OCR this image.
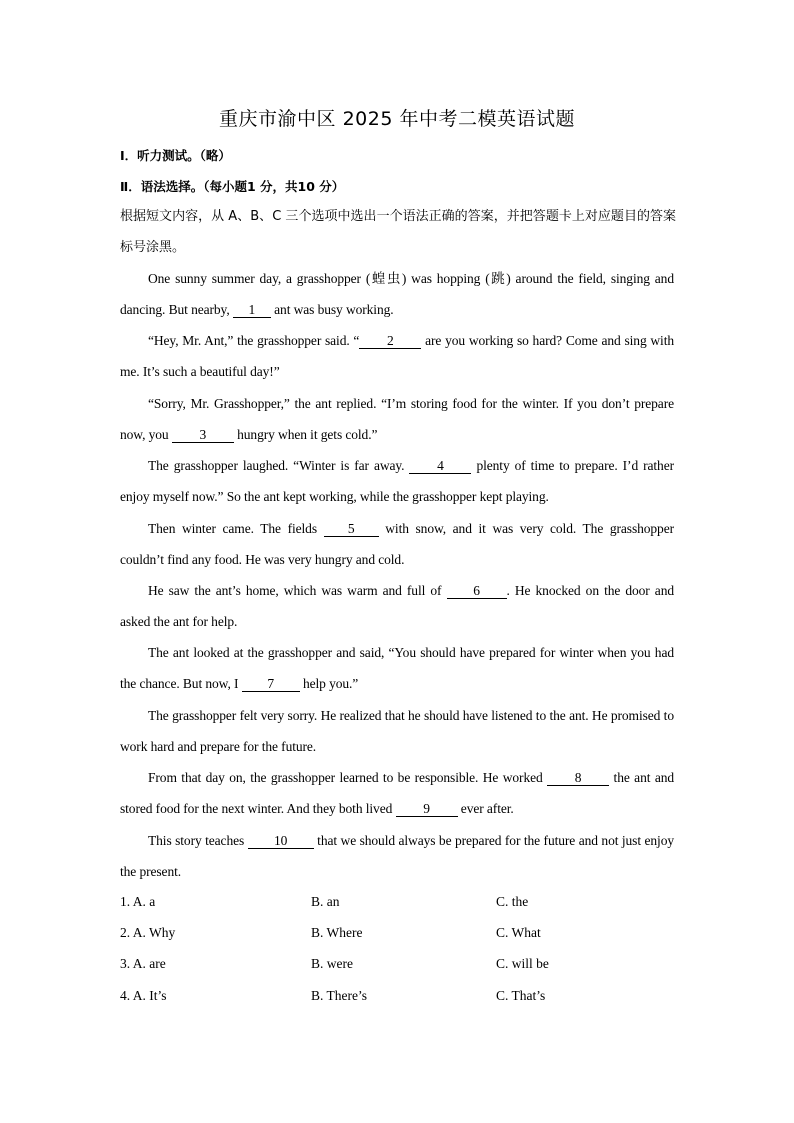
重庆市渝中区 2025 年中考二模英语试题
Ⅰ．听力测试。（略）
Ⅱ．语法选择。（每小题1 分，共10 分）
根据短文内容，从 A、B、C 三个选项中选出一个语法正确的答案，并把答题卡上对应题目的答案标号涂黑。
One sunny summer day, a grasshopper (蝗虫) was hopping (跳) around the field, singing and dancing. But nearby, 1 ant was busy working.
“Hey, Mr. Ant,” the grasshopper said. “ 2 are you working so hard? Come and sing with me. It’s such a beautiful day!”
“Sorry, Mr. Grasshopper,” the ant replied. “I’m storing food for the winter. If you don’t prepare now, you 3 hungry when it gets cold.”
The grasshopper laughed. “Winter is far away. 4 plenty of time to prepare. I’d rather enjoy myself now.” So the ant kept working, while the grasshopper kept playing.
Then winter came. The fields 5 with snow, and it was very cold. The grasshopper couldn’t find any food. He was very hungry and cold.
He saw the ant’s home, which was warm and full of 6 . He knocked on the door and asked the ant for help.
The ant looked at the grasshopper and said, “You should have prepared for winter when you had the chance. But now, I 7 help you.”
The grasshopper felt very sorry. He realized that he should have listened to the ant. He promised to work hard and prepare for the future.
From that day on, the grasshopper learned to be responsible. He worked 8 the ant and stored food for the next winter. And they both lived 9 ever after.
This story teaches 10 that we should always be prepared for the future and not just enjoy the present.
1. A. a	B. an	C. the
2. A. Why	B. Where	C. What
3. A. are	B. were	C. will be
4. A. It’s	B. There’s	C. That’s
